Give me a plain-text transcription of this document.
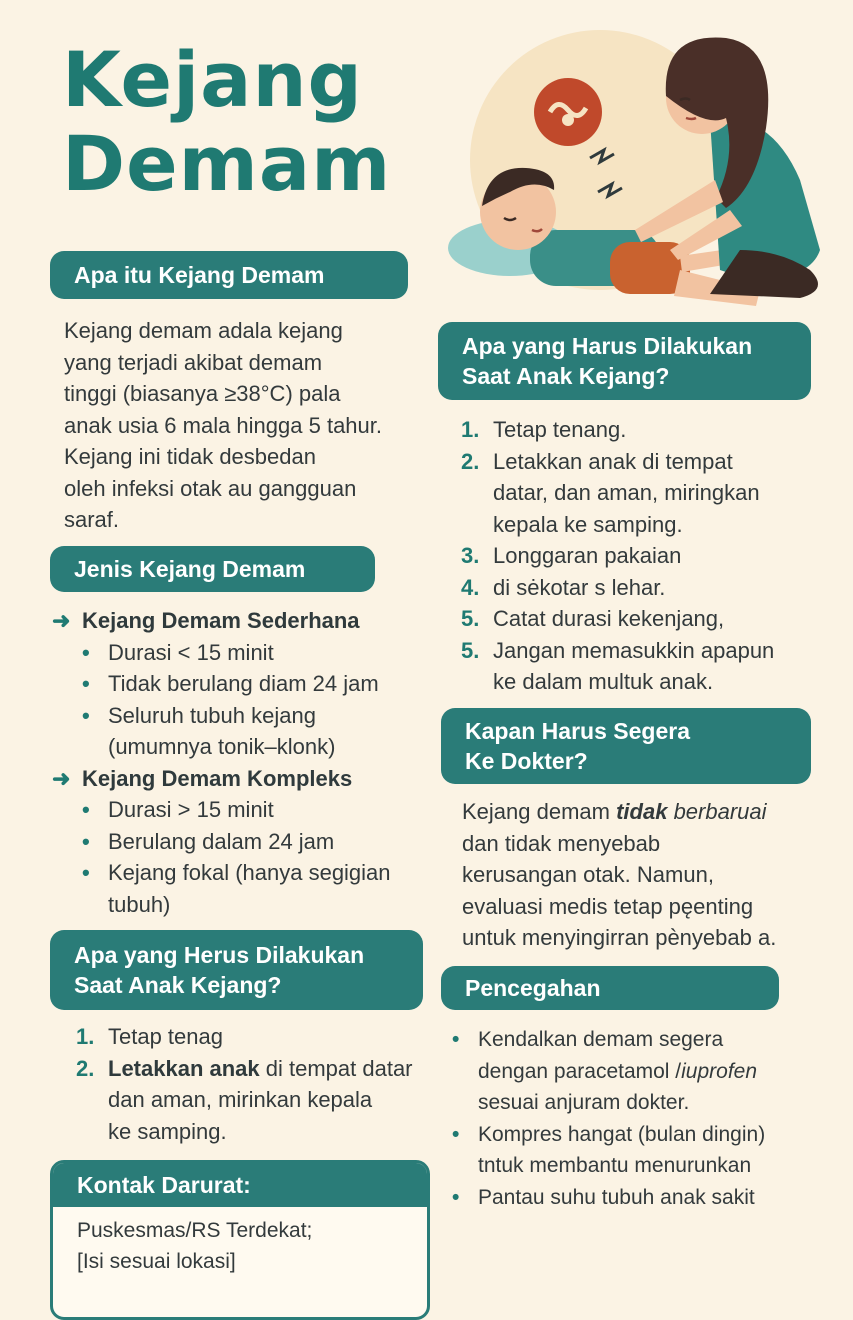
Kejang
Demam
Apa itu Kejang Demam

Kejang demam adala kejang
yang terjadi akibat demam
tinggi (biasanya ≥38°C) pala
anak usia 6 mala hingga 5 tahur.
Kejang ini tidak desbedan
oleh infeksi otak au gangguan
saraf.

Jenis Kejang Demam
➜ Kejang Demam Sederhana
• Durasi < 15 minit
• Tidak berulang diam 24 jam
• Seluruh tubuh kejang
(umumnya tonik–klonk)
➜ Kejang Demam Kompleks
• Durasi > 15 minit
• Berulang dalam 24 jam
• Kejang fokal (hanya segigian
tubuh)
Apa yang Herus Dilakukan
Saat Anak Kejang?
1. Tetap tenag
2. Letakkan anak di tempat datar
dan aman, mirinkan kepala
ke samping.
Kontak Darurat:
Puskesmas/RS Terdekat;
[Isi sesuai lokasi]
Apa yang Harus Dilakukan
Saat Anak Kejang?
1. Tetap tenang.
2. Letakkan anak di tempat
datar, dan aman, miringkan
kepala ke samping.
3. Longgaran pakaian
4. di sėkotar s lehar.
5. Catat durasi kekenjang,
5. Jangan memasukkin apapun
ke dalam multuk anak.
Kapan Harus Segera
Ke Dokter?

Kejang demam tidak berbaruai
dan tidak menyebab
kerusangan otak. Namun,
evaluasi medis tetap pęenting
untuk menyingirran pènyebab a.

Pencegahan
• Kendalkan demam segera
dengan paracetamol /iuprofen
sesuai anjuram dokter.
• Kompres hangat (bulan dingin)
tntuk membantu menurunkan
• Pantau suhu tubuh anak sakit
